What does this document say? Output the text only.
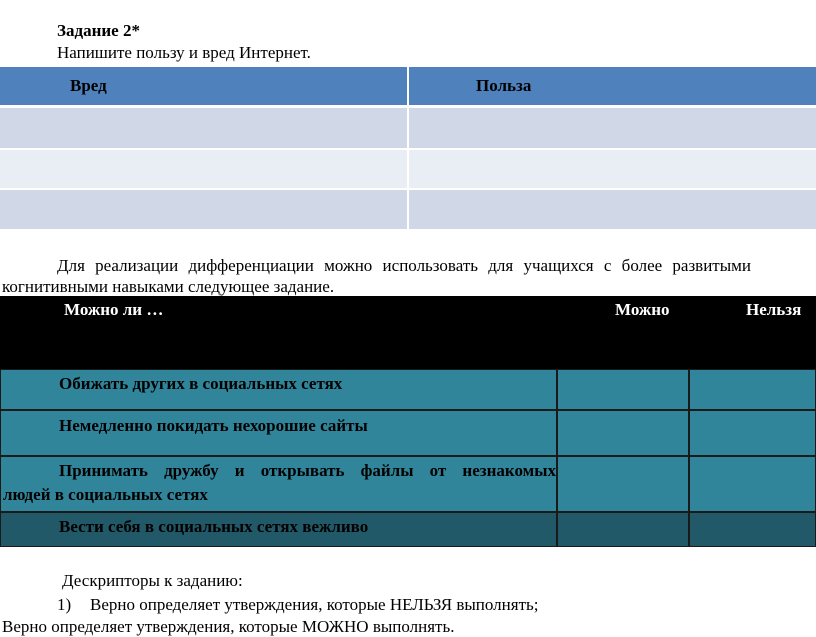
Задание 2*
Напишите пользу и вред Интернет.
Вред	Польза
Для реализации дифференциации можно использовать для учащихся с более развитыми
когнитивными навыками следующее задание.
Можно ли …	Можно	Нельзя
Обижать других в социальных сетях
Немедленно покидать нехорошие сайты
Принимать дружбу и открывать файлы от незнакомых
людей в социальных сетях
Вести себя в социальных сетях вежливо
Дескрипторы к заданию:
1) Верно определяет утверждения, которые НЕЛЬЗЯ выполнять;
Верно определяет утверждения, которые МОЖНО выполнять.
